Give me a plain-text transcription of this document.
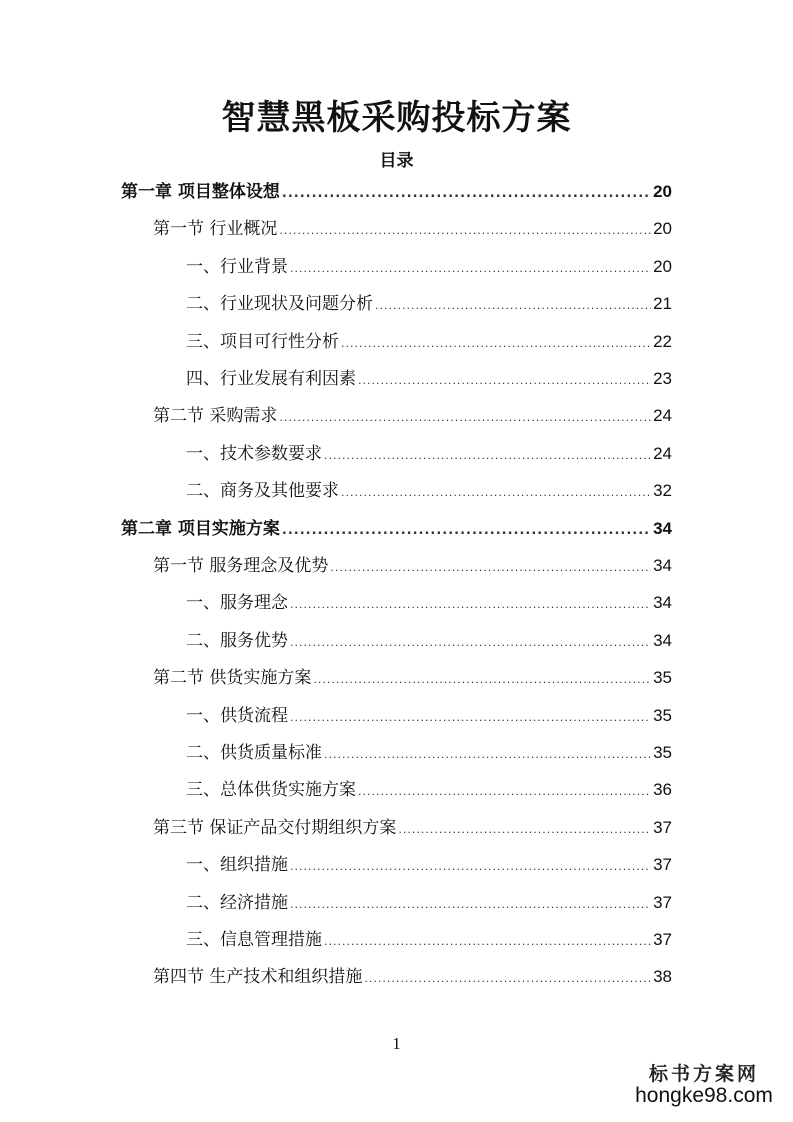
智慧黑板采购投标方案
目录
第一章 项目整体设想 .....	20
第一节 行业概况 .....	20
一、行业背景 .....	20
二、行业现状及问题分析 .....	21
三、项目可行性分析 .....	22
四、行业发展有利因素 .....	23
第二节 采购需求 .....	24
一、技术参数要求 .....	24
二、商务及其他要求 .....	32
第二章 项目实施方案 .....	34
第一节 服务理念及优势 .....	34
一、服务理念 .....	34
二、服务优势 .....	34
第二节 供货实施方案 .....	35
一、供货流程 .....	35
二、供货质量标准 .....	35
三、总体供货实施方案 .....	36
第三节 保证产品交付期组织方案 .....	37
一、组织措施 .....	37
二、经济措施 .....	37
三、信息管理措施 .....	37
第四节 生产技术和组织措施 .....	38
1
标书方案网
hongke98.com
